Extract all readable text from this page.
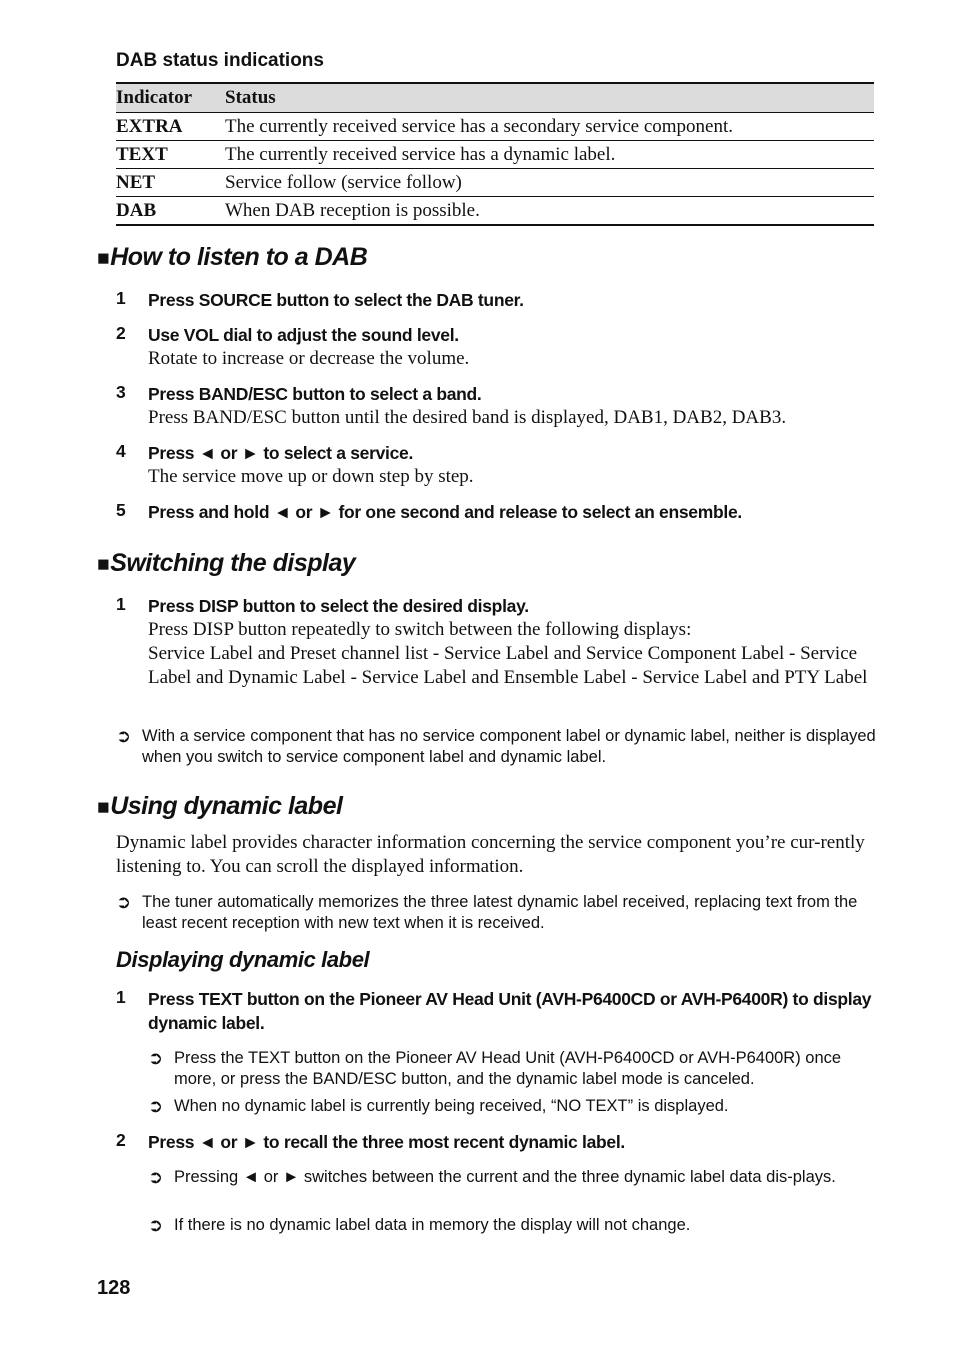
DAB status indications
Indicator	Status
EXTRA	The currently received service has a secondary service component.
TEXT	The currently received service has a dynamic label.
NET	Service follow (service follow)
DAB	When DAB reception is possible.
■How to listen to a DAB
1 Press SOURCE button to select the DAB tuner.
2 Use VOL dial to adjust the sound level.
Rotate to increase or decrease the volume.
3 Press BAND/ESC button to select a band.
Press BAND/ESC button until the desired band is displayed, DAB1, DAB2, DAB3.
4 Press ◄ or ► to select a service.
The service move up or down step by step.
5 Press and hold ◄ or ► for one second and release to select an ensemble.
■Switching the display
1 Press DISP button to select the desired display.
Press DISP button repeatedly to switch between the following displays:
Service Label and Preset channel list - Service Label and Service Component Label - Service Label and Dynamic Label - Service Label and Ensemble Label - Service Label and PTY Label
➲ With a service component that has no service component label or dynamic label, neither is displayed when you switch to service component label and dynamic label.
■Using dynamic label
Dynamic label provides character information concerning the service component you’re cur-rently listening to. You can scroll the displayed information.
➲ The tuner automatically memorizes the three latest dynamic label received, replacing text from the least recent reception with new text when it is received.
Displaying dynamic label
1 Press TEXT button on the Pioneer AV Head Unit (AVH-P6400CD or AVH-P6400R) to display dynamic label.
➲ Press the TEXT button on the Pioneer AV Head Unit (AVH-P6400CD or AVH-P6400R) once more, or press the BAND/ESC button, and the dynamic label mode is canceled.
➲ When no dynamic label is currently being received, “NO TEXT” is displayed.
2 Press ◄ or ► to recall the three most recent dynamic label.
➲ Pressing ◄ or ► switches between the current and the three dynamic label data dis-plays.
➲ If there is no dynamic label data in memory the display will not change.
128
